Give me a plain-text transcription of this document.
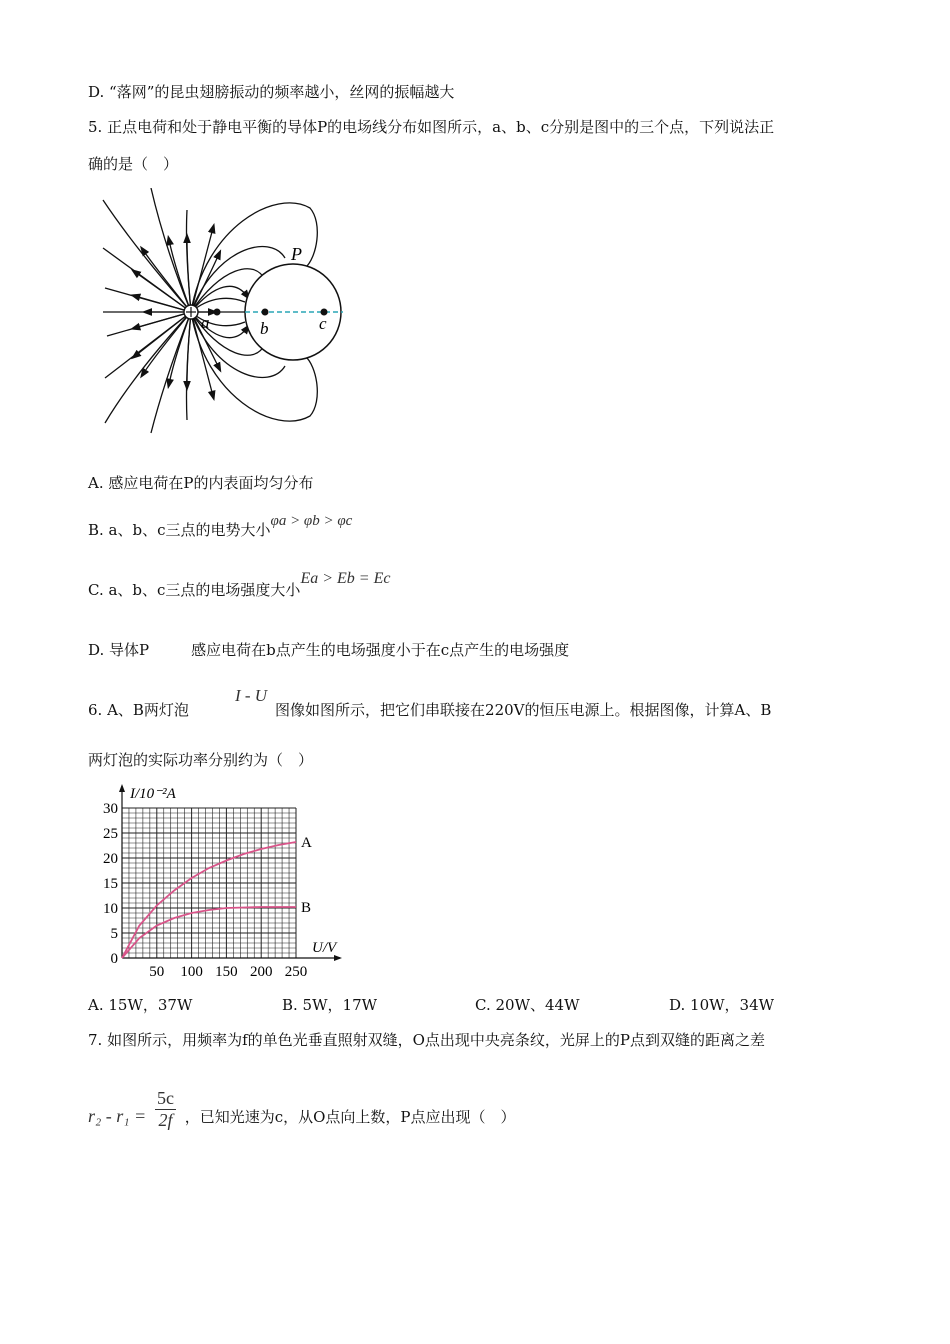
D. “落网”的昆虫翅膀振动的频率越小，丝网的振幅越大
5. 正点电荷和处于静电平衡的导体P的电场线分布如图所示，a、b、c分别是图中的三个点，下列说法正
确的是（　）
P
a	b	c
A. 感应电荷在P的内表面均匀分布
B. a、b、c三点的电势大小φa > φb > φc
C. a、b、c三点的电场强度大小Ea > Eb = Ec
D. 导体P	感应电荷在b点产生的电场强度小于在c点产生的电场强度
6. A、B两灯泡I - U图像如图所示，把它们串联接在220V的恒压电源上。根据图像，计算A、B
两灯泡的实际功率分别约为（　）
0
5
10
15
20
25
30
50 100 150 200 250
I/10⁻²A
U/V
A
B
A. 15W，37W	B. 5W，17W	C. 20W、44W	D. 10W，34W
7. 如图所示，用频率为f的单色光垂直照射双缝，O点出现中央亮条纹，光屏上的P点到双缝的距离之差
$r_2 - r_1 = \frac{5c}{2f}$ ，已知光速为c，从O点向上数，P点应出现（　）
